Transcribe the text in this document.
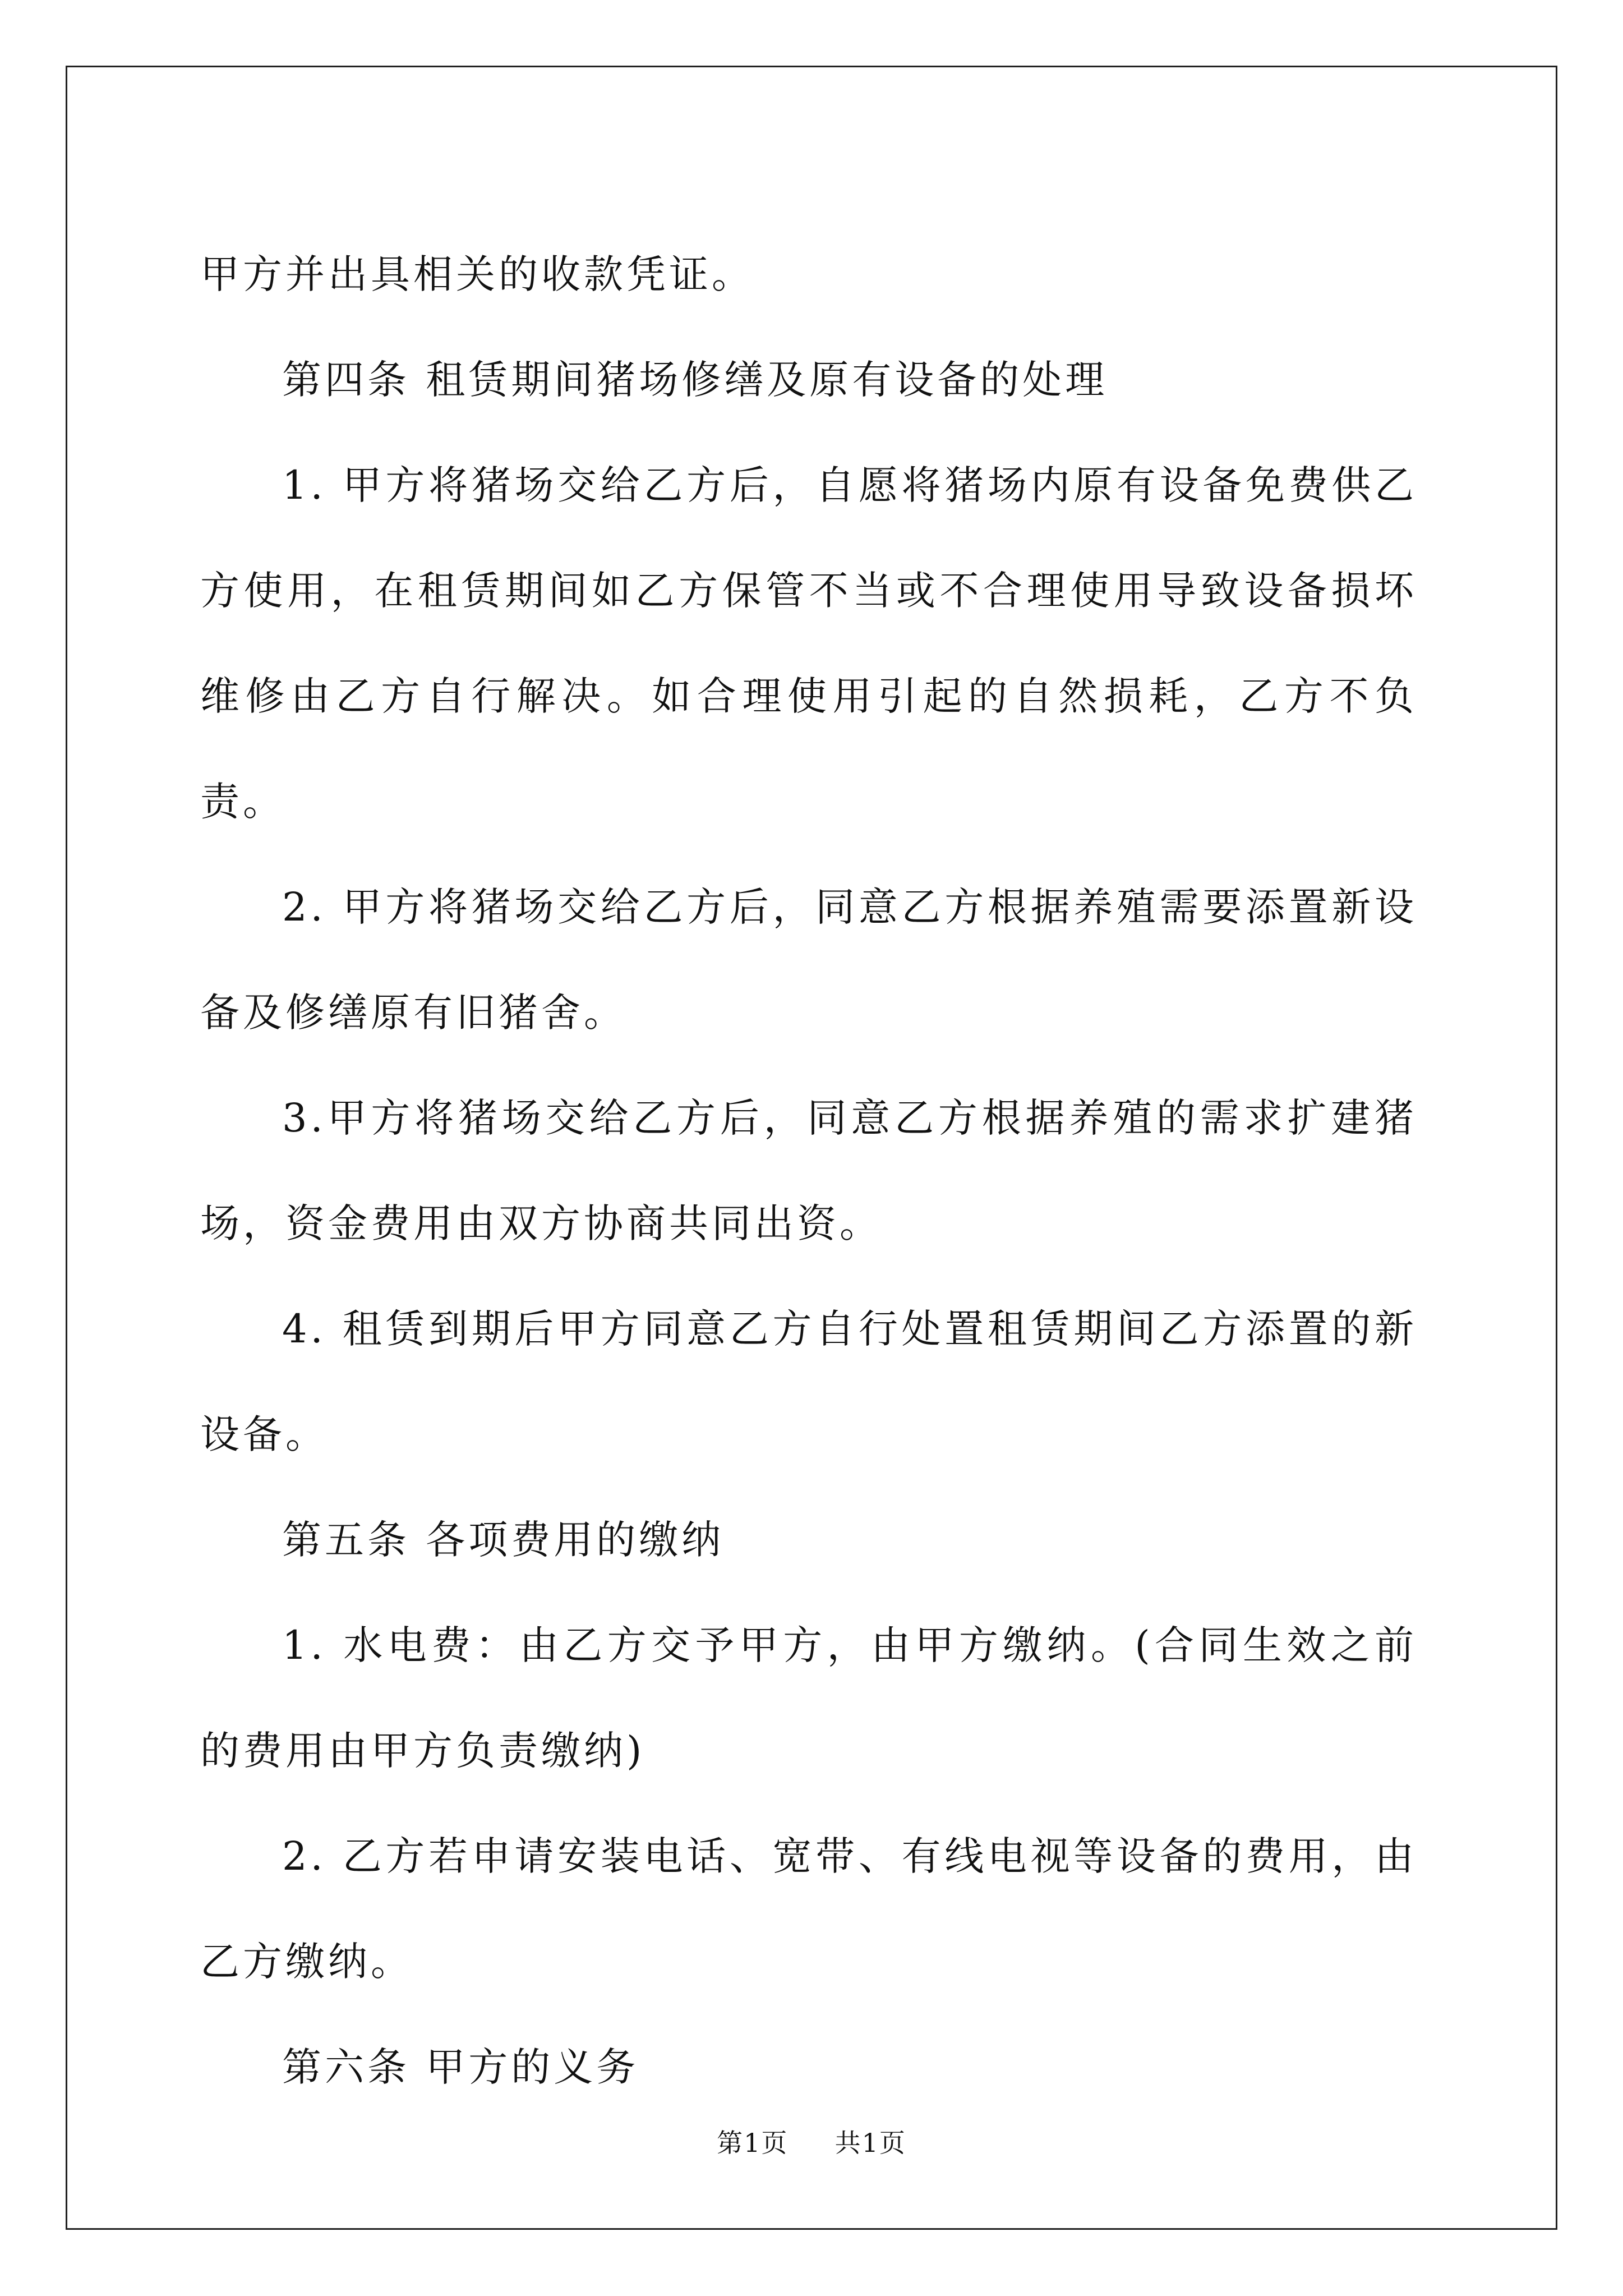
甲方并出具相关的收款凭证。

第四条 租赁期间猪场修缮及原有设备的处理

1. 甲方将猪场交给乙方后，自愿将猪场内原有设备免费供乙方使用，在租赁期间如乙方保管不当或不合理使用导致设备损坏维修由乙方自行解决。如合理使用引起的自然损耗，乙方不负责。

2. 甲方将猪场交给乙方后，同意乙方根据养殖需要添置新设备及修缮原有旧猪舍。

3.甲方将猪场交给乙方后，同意乙方根据养殖的需求扩建猪场，资金费用由双方协商共同出资。

4. 租赁到期后甲方同意乙方自行处置租赁期间乙方添置的新设备。

第五条 各项费用的缴纳

1. 水电费：由乙方交予甲方，由甲方缴纳。(合同生效之前的费用由甲方负责缴纳)

2. 乙方若申请安装电话、宽带、有线电视等设备的费用，由乙方缴纳。

第六条 甲方的义务

第1页 共1页
